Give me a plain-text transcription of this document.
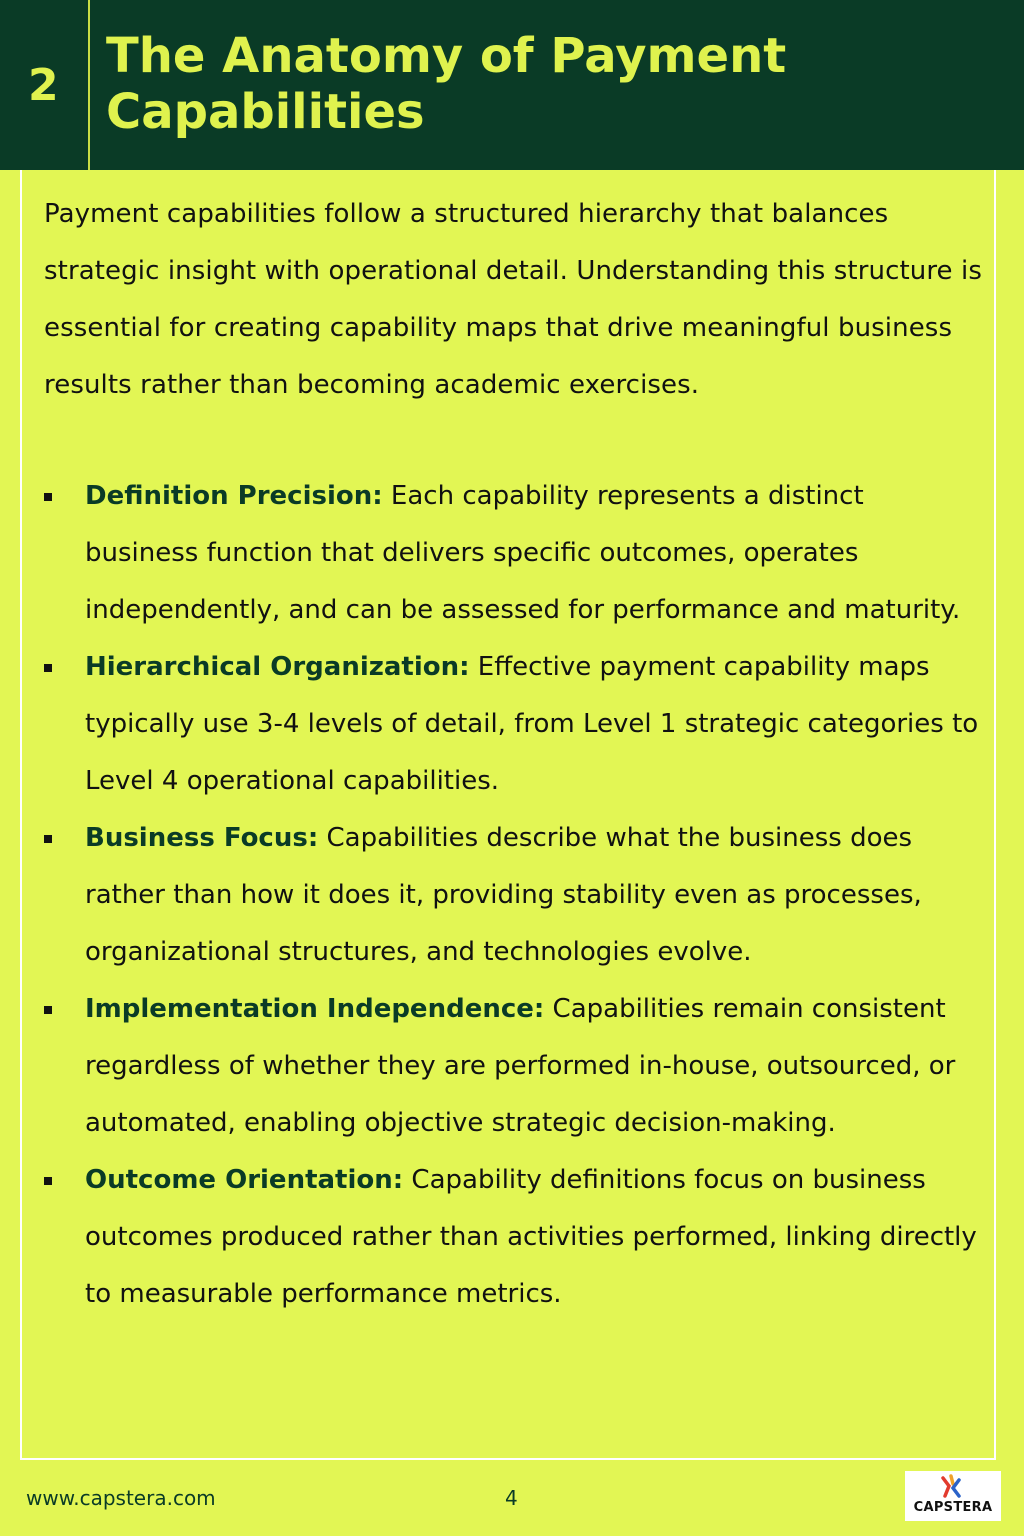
2
The Anatomy of Payment Capabilities

Payment capabilities follow a structured hierarchy that balances strategic insight with operational detail. Understanding this structure is essential for creating capability maps that drive meaningful business results rather than becoming academic exercises.

Definition Precision: Each capability represents a distinct business function that delivers specific outcomes, operates independently, and can be assessed for performance and maturity.
Hierarchical Organization: Effective payment capability maps typically use 3-4 levels of detail, from Level 1 strategic categories to Level 4 operational capabilities.
Business Focus: Capabilities describe what the business does rather than how it does it, providing stability even as processes, organizational structures, and technologies evolve.
Implementation Independence: Capabilities remain consistent regardless of whether they are performed in-house, outsourced, or automated, enabling objective strategic decision-making.
Outcome Orientation: Capability definitions focus on business outcomes produced rather than activities performed, linking directly to measurable performance metrics.
www.capstera.com	4	CAPSTERA
